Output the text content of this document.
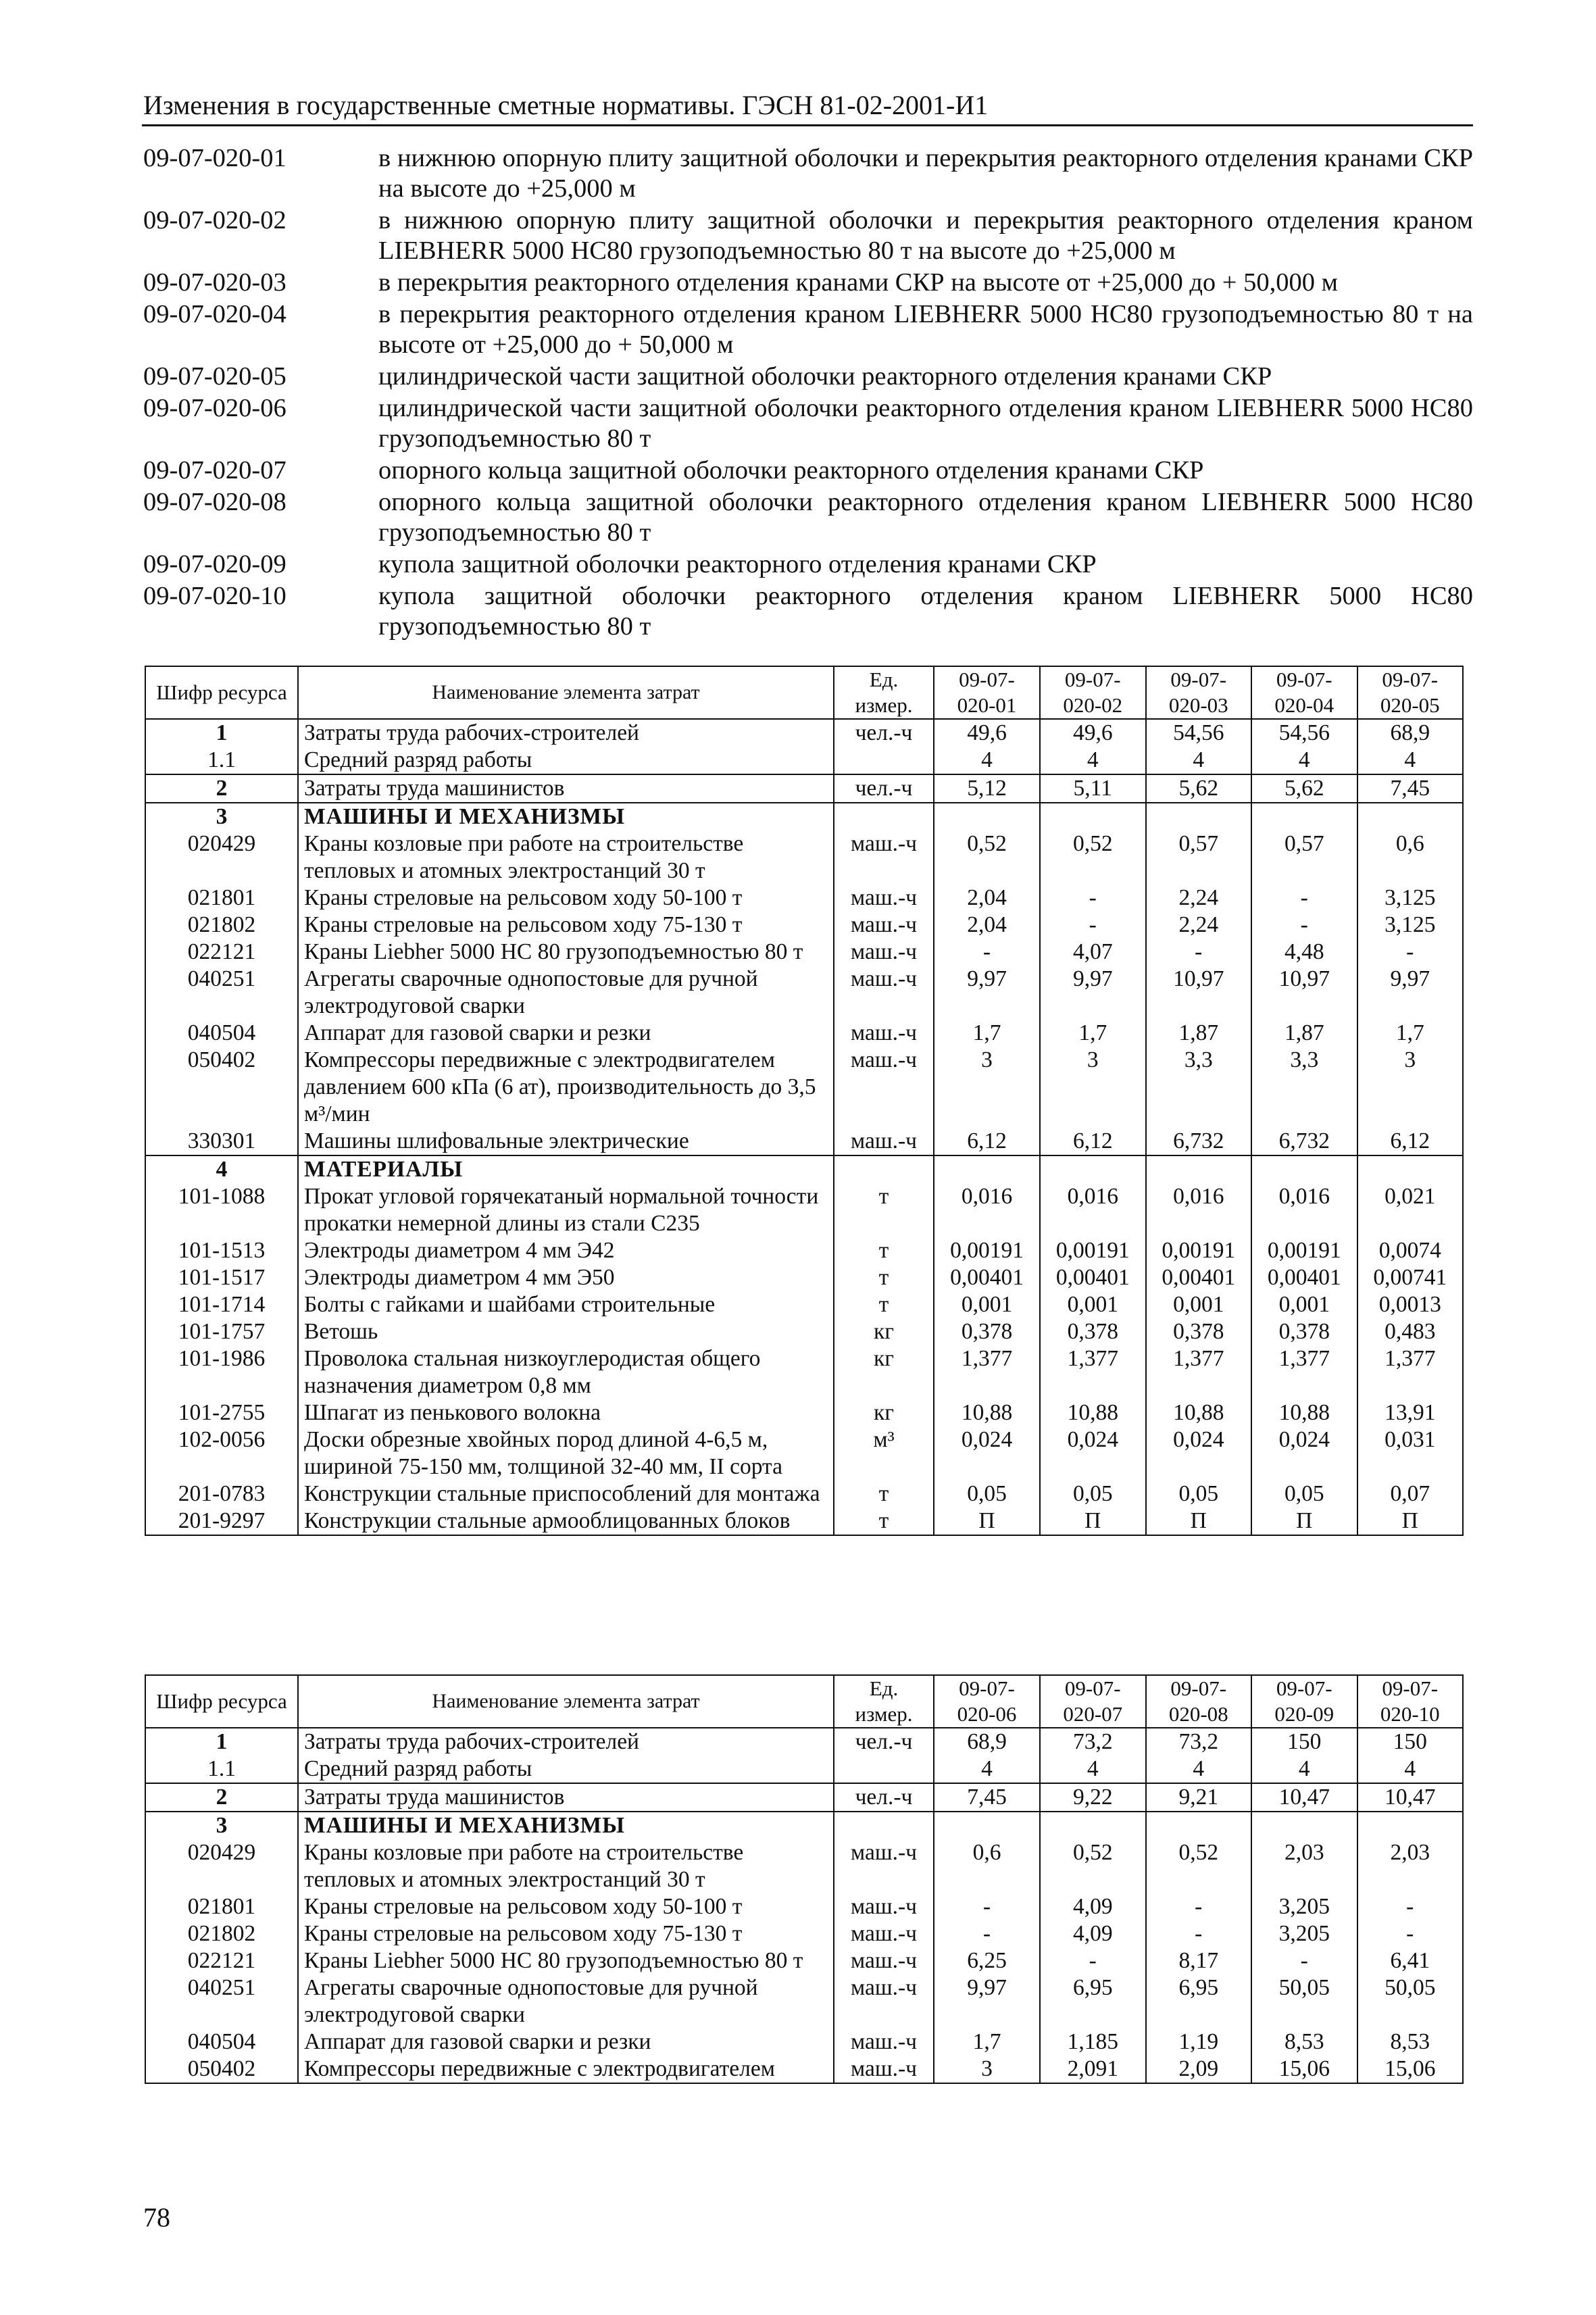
Изменения в государственные сметные нормативы. ГЭСН 81-02-2001-И1
09-07-020-01	в нижнюю опорную плиту защитной оболочки и перекрытия реакторного отделения кранами СКР на высоте до +25,000 м
09-07-020-02	в нижнюю опорную плиту защитной оболочки и перекрытия реакторного отделения краном LIEBHERR 5000 НС80 грузоподъемностью 80 т на высоте до +25,000 м
09-07-020-03	в перекрытия реакторного отделения кранами СКР на высоте от +25,000 до + 50,000 м
09-07-020-04	в перекрытия реакторного отделения краном LIEBHERR 5000 НС80 грузоподъемностью 80 т на высоте от +25,000 до + 50,000 м
09-07-020-05	цилиндрической части защитной оболочки реакторного отделения кранами СКР
09-07-020-06	цилиндрической части защитной оболочки реакторного отделения краном LIEBHERR 5000 НС80 грузоподъемностью 80 т
09-07-020-07	опорного кольца защитной оболочки реакторного отделения кранами СКР
09-07-020-08	опорного кольца защитной оболочки реакторного отделения краном LIEBHERR 5000 НС80 грузоподъемностью 80 т
09-07-020-09	купола защитной оболочки реакторного отделения кранами СКР
09-07-020-10	купола защитной оболочки реакторного отделения краном LIEBHERR 5000 НС80 грузоподъемностью 80 т
Шифр ресурса	Наименование элемента затрат	Ед. измер.	09-07-020-01	09-07-020-02	09-07-020-03	09-07-020-04	09-07-020-05
1	Затраты труда рабочих-строителей	чел.-ч	49,6	49,6	54,56	54,56	68,9
1.1	Средний разряд работы		4	4	4	4	4
2	Затраты труда машинистов	чел.-ч	5,12	5,11	5,62	5,62	7,45
3	МАШИНЫ И МЕХАНИЗМЫ						
020429	Краны козловые при работе на строительстве тепловых и атомных электростанций 30 т	маш.-ч	0,52	0,52	0,57	0,57	0,6
021801	Краны стреловые на рельсовом ходу 50-100 т	маш.-ч	2,04	-	2,24	-	3,125
021802	Краны стреловые на рельсовом ходу 75-130 т	маш.-ч	2,04	-	2,24	-	3,125
022121	Краны Liebher 5000 НС 80 грузоподъемностью 80 т	маш.-ч	-	4,07	-	4,48	-
040251	Агрегаты сварочные однопостовые для ручной электродуговой сварки	маш.-ч	9,97	9,97	10,97	10,97	9,97
040504	Аппарат для газовой сварки и резки	маш.-ч	1,7	1,7	1,87	1,87	1,7
050402	Компрессоры передвижные с электродвигателем давлением 600 кПа (6 ат), производительность до 3,5 м³/мин	маш.-ч	3	3	3,3	3,3	3
330301	Машины шлифовальные электрические	маш.-ч	6,12	6,12	6,732	6,732	6,12
4	МАТЕРИАЛЫ						
101-1088	Прокат угловой горячекатаный нормальной точности прокатки немерной длины из стали С235	т	0,016	0,016	0,016	0,016	0,021
101-1513	Электроды диаметром 4 мм Э42	т	0,00191	0,00191	0,00191	0,00191	0,0074
101-1517	Электроды диаметром 4 мм Э50	т	0,00401	0,00401	0,00401	0,00401	0,00741
101-1714	Болты с гайками и шайбами строительные	т	0,001	0,001	0,001	0,001	0,0013
101-1757	Ветошь	кг	0,378	0,378	0,378	0,378	0,483
101-1986	Проволока стальная низкоуглеродистая общего назначения диаметром 0,8 мм	кг	1,377	1,377	1,377	1,377	1,377
101-2755	Шпагат из пенькового волокна	кг	10,88	10,88	10,88	10,88	13,91
102-0056	Доски обрезные хвойных пород длиной 4-6,5 м, шириной 75-150 мм, толщиной 32-40 мм, II сорта	м³	0,024	0,024	0,024	0,024	0,031
201-0783	Конструкции стальные приспособлений для монтажа	т	0,05	0,05	0,05	0,05	0,07
201-9297	Конструкции стальные армооблицованных блоков	т	П	П	П	П	П
Шифр ресурса	Наименование элемента затрат	Ед. измер.	09-07-020-06	09-07-020-07	09-07-020-08	09-07-020-09	09-07-020-10
1	Затраты труда рабочих-строителей	чел.-ч	68,9	73,2	73,2	150	150
1.1	Средний разряд работы		4	4	4	4	4
2	Затраты труда машинистов	чел.-ч	7,45	9,22	9,21	10,47	10,47
3	МАШИНЫ И МЕХАНИЗМЫ						
020429	Краны козловые при работе на строительстве тепловых и атомных электростанций 30 т	маш.-ч	0,6	0,52	0,52	2,03	2,03
021801	Краны стреловые на рельсовом ходу 50-100 т	маш.-ч	-	4,09	-	3,205	-
021802	Краны стреловые на рельсовом ходу 75-130 т	маш.-ч	-	4,09	-	3,205	-
022121	Краны Liebher 5000 НС 80 грузоподъемностью 80 т	маш.-ч	6,25	-	8,17	-	6,41
040251	Агрегаты сварочные однопостовые для ручной электродуговой сварки	маш.-ч	9,97	6,95	6,95	50,05	50,05
040504	Аппарат для газовой сварки и резки	маш.-ч	1,7	1,185	1,19	8,53	8,53
050402	Компрессоры передвижные с электродвигателем	маш.-ч	3	2,091	2,09	15,06	15,06
78
